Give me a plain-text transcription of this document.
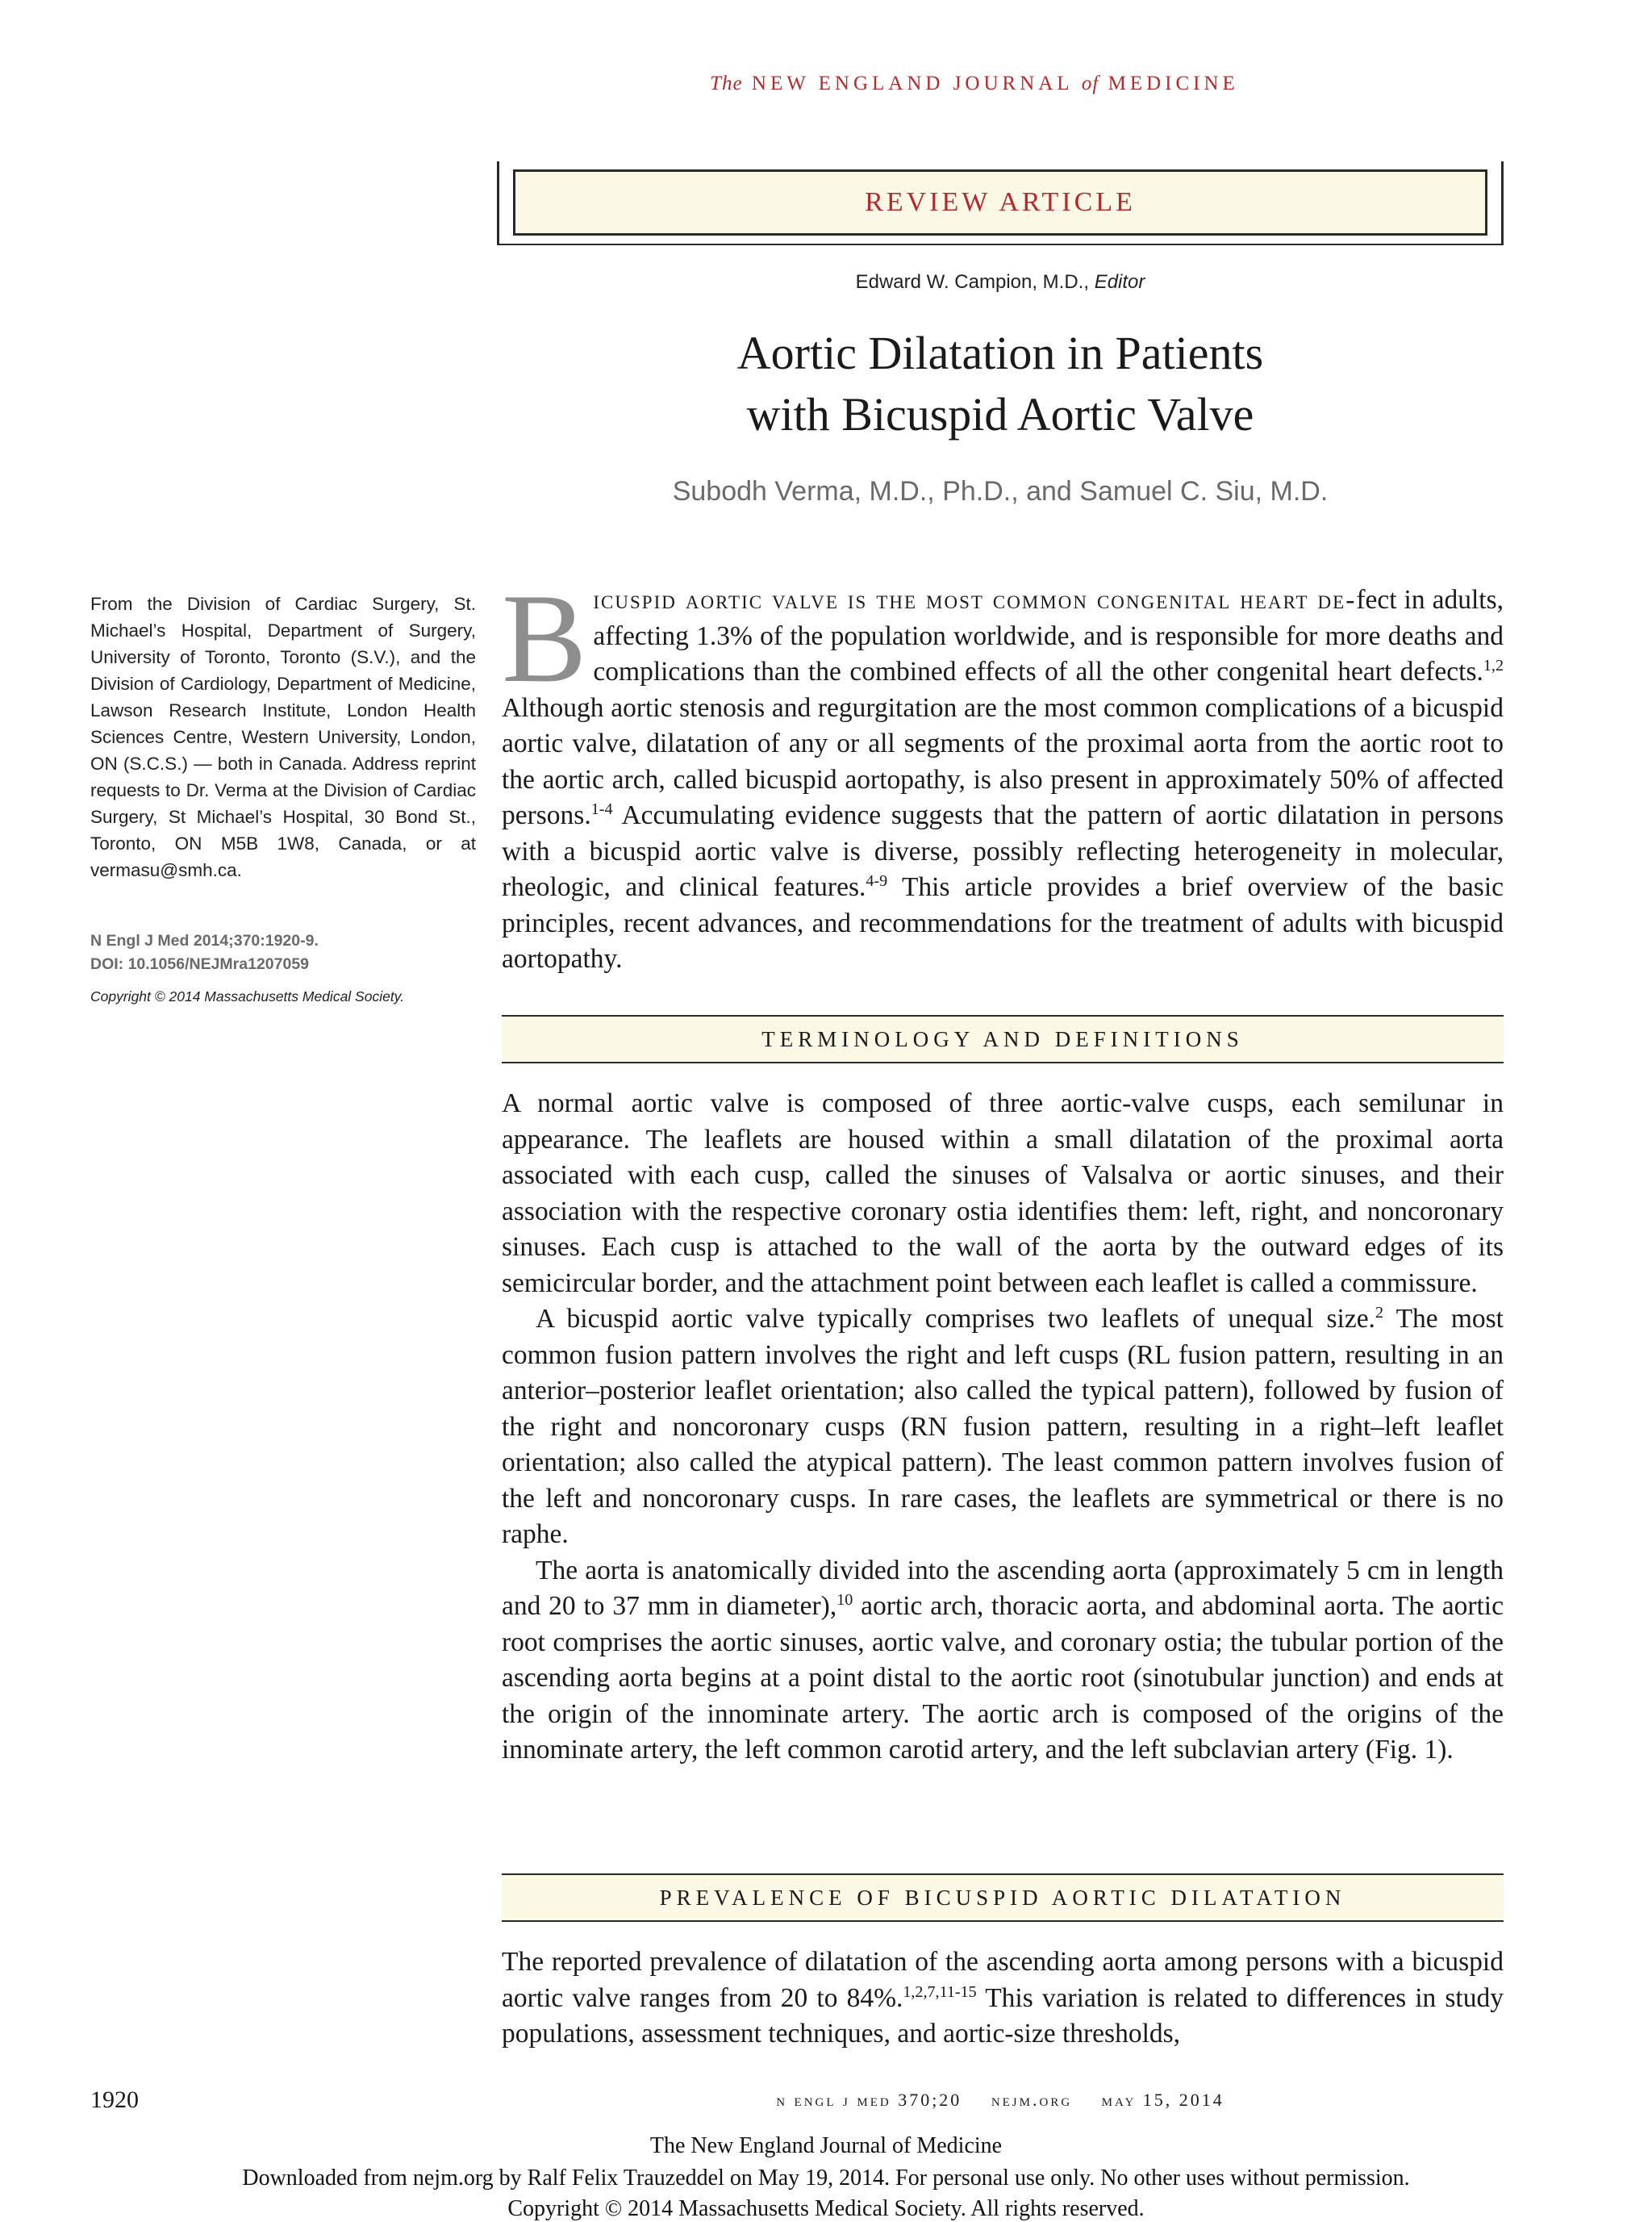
The NEW ENGLAND JOURNAL of MEDICINE
REVIEW ARTICLE
Edward W. Campion, M.D., Editor
Aortic Dilatation in Patients
with Bicuspid Aortic Valve
Subodh Verma, M.D., Ph.D., and Samuel C. Siu, M.D.
From the Division of Cardiac Surgery, St. Michael’s Hospital, Department of Surgery, University of Toronto, Toronto (S.V.), and the Division of Cardiology, Department of Medicine, Lawson Research Institute, London Health Sciences Centre, Western University, London, ON (S.C.S.) — both in Canada. Address reprint requests to Dr. Verma at the Division of Cardiac Surgery, St Michael’s Hospital, 30 Bond St., Toronto, ON M5B 1W8, Canada, or at vermasu@smh.ca.
N Engl J Med 2014;370:1920-9.
DOI: 10.1056/NEJMra1207059
Copyright © 2014 Massachusetts Medical Society.
B icuspid aortic valve is the most common congenital heart de-fect in adults, affecting 1.3% of the population worldwide, and is responsible for more deaths and complications than the combined effects of all the other congenital heart defects.$^{1,2}$ Although aortic stenosis and regurgitation are the most common complications of a bicuspid aortic valve, dilatation of any or all segments of the proximal aorta from the aortic root to the aortic arch, called bicuspid aortopathy, is also present in approximately 50% of affected persons.$^{1-4}$ Accumulating evidence suggests that the pattern of aortic dilatation in persons with a bicuspid aortic valve is diverse, possibly reflecting heterogeneity in molecular, rheologic, and clinical features.$^{4-9}$ This article provides a brief overview of the basic principles, recent advances, and recommendations for the treatment of adults with bicuspid aortopathy.

TERMINOLOGY AND DEFINITIONS

A normal aortic valve is composed of three aortic-valve cusps, each semilunar in appearance. The leaflets are housed within a small dilatation of the proximal aorta associated with each cusp, called the sinuses of Valsalva or aortic sinuses, and their association with the respective coronary ostia identifies them: left, right, and noncoronary sinuses. Each cusp is attached to the wall of the aorta by the outward edges of its semicircular border, and the attachment point between each leaflet is called a commissure.

A bicuspid aortic valve typically comprises two leaflets of unequal size.$^2$ The most common fusion pattern involves the right and left cusps (RL fusion pattern, resulting in an anterior–posterior leaflet orientation; also called the typical pattern), followed by fusion of the right and noncoronary cusps (RN fusion pattern, resulting in a right–left leaflet orientation; also called the atypical pattern). The least common pattern involves fusion of the left and noncoronary cusps. In rare cases, the leaflets are symmetrical or there is no raphe.

The aorta is anatomically divided into the ascending aorta (approximately 5 cm in length and 20 to 37 mm in diameter),$^{10}$ aortic arch, thoracic aorta, and abdominal aorta. The aortic root comprises the aortic sinuses, aortic valve, and coronary ostia; the tubular portion of the ascending aorta begins at a point distal to the aortic root (sinotubular junction) and ends at the origin of the innominate artery. The aortic arch is composed of the origins of the innominate artery, the left common carotid artery, and the left subclavian artery (Fig. 1).

PREVALENCE OF BICUSPID AORTIC DILATATION

The reported prevalence of dilatation of the ascending aorta among persons with a bicuspid aortic valve ranges from 20 to 84%.$^{1,2,7,11-15}$ This variation is related to differences in study populations, assessment techniques, and aortic-size thresholds,

1920	n engl j med 370;20 nejm.org may 15, 2014
The New England Journal of Medicine
Downloaded from nejm.org by Ralf Felix Trauzeddel on May 19, 2014. For personal use only. No other uses without permission.
Copyright © 2014 Massachusetts Medical Society. All rights reserved.
